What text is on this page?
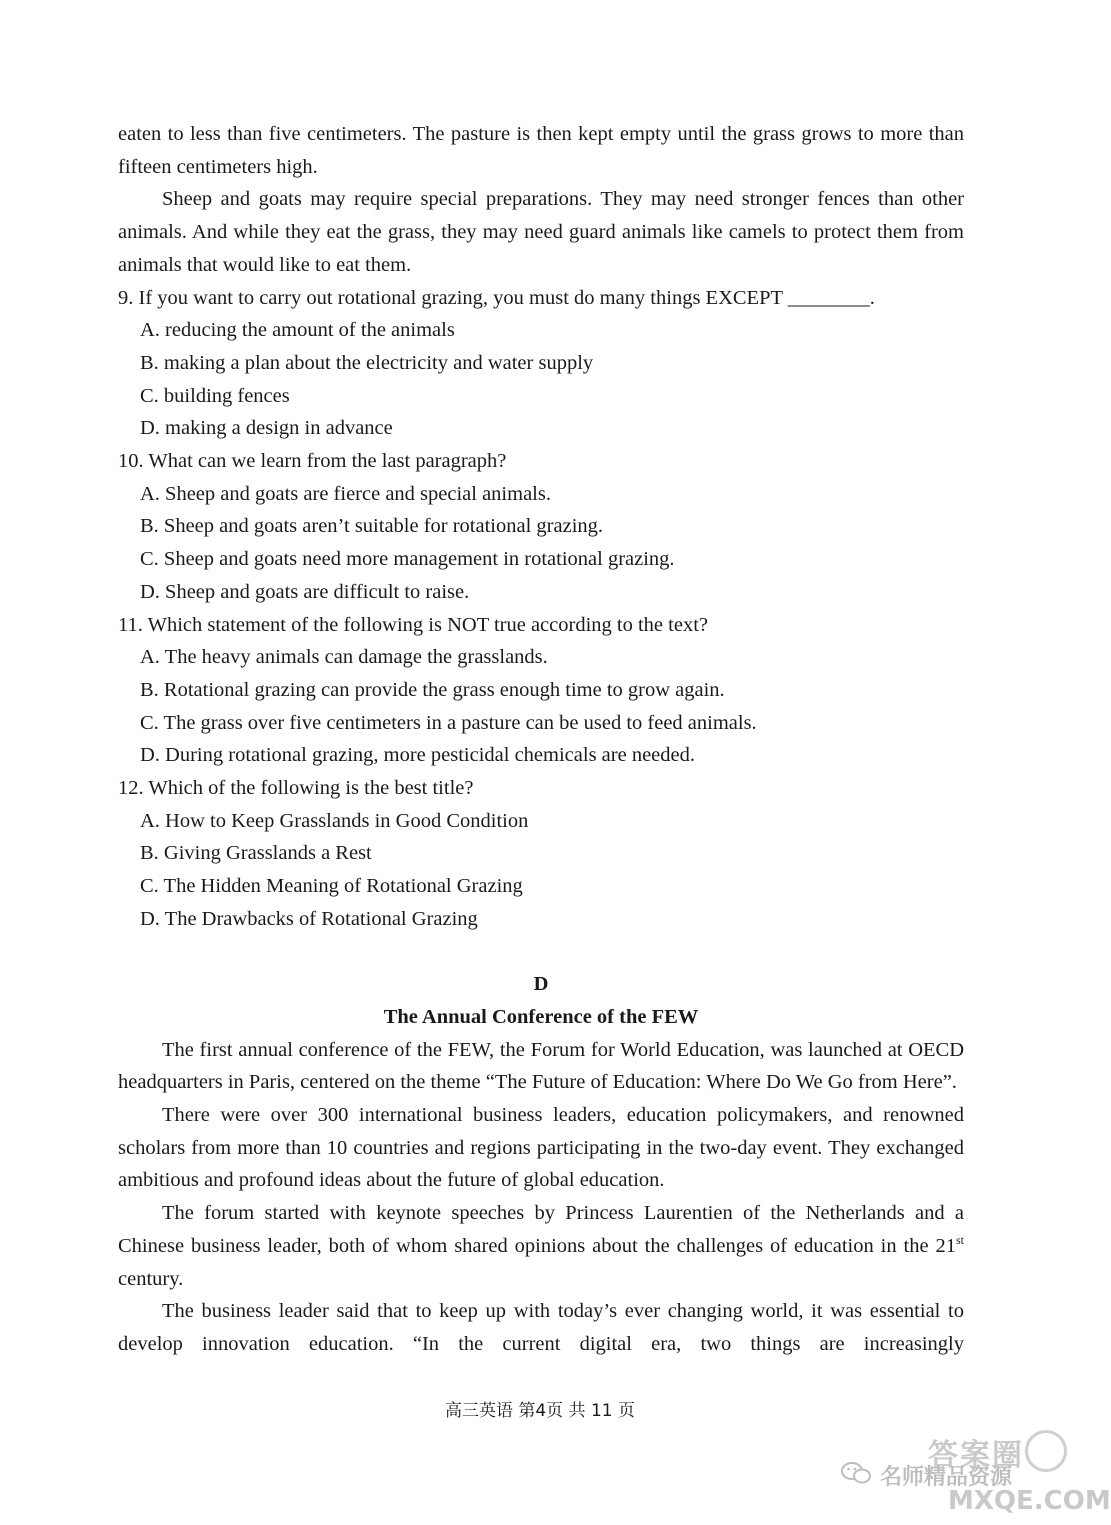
eaten to less than five centimeters. The pasture is then kept empty until the grass grows to more than fifteen centimeters high.

Sheep and goats may require special preparations. They may need stronger fences than other animals. And while they eat the grass, they may need guard animals like camels to protect them from animals that would like to eat them.

9. If you want to carry out rotational grazing, you must do many things EXCEPT ________.

A. reducing the amount of the animals

B. making a plan about the electricity and water supply

C. building fences

D. making a design in advance

10. What can we learn from the last paragraph?

A. Sheep and goats are fierce and special animals.

B. Sheep and goats aren’t suitable for rotational grazing.

C. Sheep and goats need more management in rotational grazing.

D. Sheep and goats are difficult to raise.

11. Which statement of the following is NOT true according to the text?

A. The heavy animals can damage the grasslands.

B. Rotational grazing can provide the grass enough time to grow again.

C. The grass over five centimeters in a pasture can be used to feed animals.

D. During rotational grazing, more pesticidal chemicals are needed.

12. Which of the following is the best title?

A. How to Keep Grasslands in Good Condition

B. Giving Grasslands a Rest

C. The Hidden Meaning of Rotational Grazing

D. The Drawbacks of Rotational Grazing

D

The Annual Conference of the FEW

The first annual conference of the FEW, the Forum for World Education, was launched at OECD headquarters in Paris, centered on the theme “The Future of Education: Where Do We Go from Here”.

There were over 300 international business leaders, education policymakers, and renowned scholars from more than 10 countries and regions participating in the two-day event. They exchanged ambitious and profound ideas about the future of global education.

The forum started with keynote speeches by Princess Laurentien of the Netherlands and a Chinese business leader, both of whom shared opinions about the challenges of education in the 21st century.

The business leader said that to keep up with today’s ever changing world, it was essential to develop innovation education. “In the current digital era, two things are increasingly

高三英语 第4页 共 11 页
答案圈
名师精品资源
MXQE.COM
